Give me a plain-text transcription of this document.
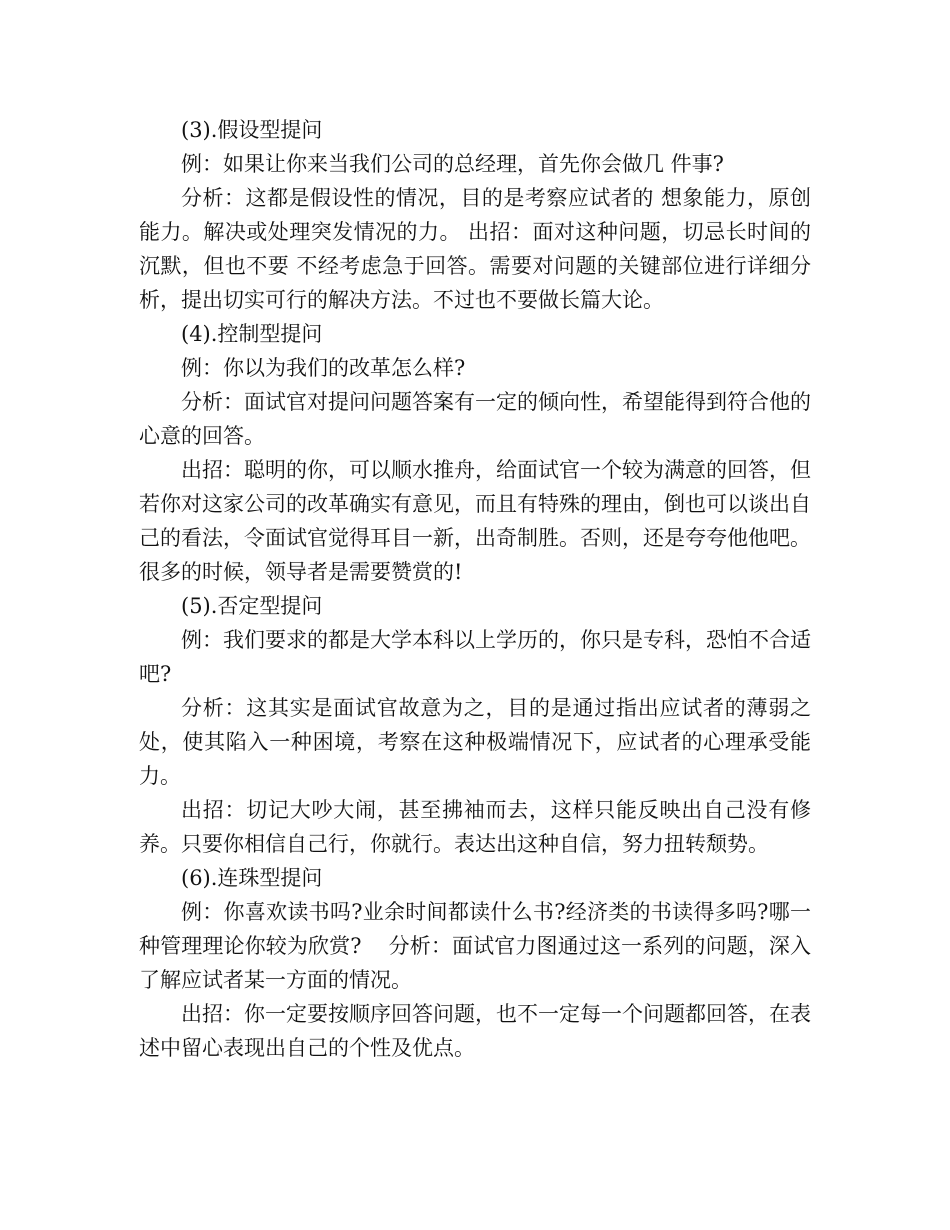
(3).假设型提问

例：如果让你来当我们公司的总经理，首先你会做几 件事?

分析：这都是假设性的情况，目的是考察应试者的 想象能力，原创能力。解决或处理突发情况的力。 出招：面对这种问题，切忌长时间的沉默，但也不要 不经考虑急于回答。需要对问题的关键部位进行详细分析，提出切实可行的解决方法。不过也不要做长篇大论。

(4).控制型提问

例：你以为我们的改革怎么样?

分析：面试官对提问问题答案有一定的倾向性，希望能得到符合他的心意的回答。

出招：聪明的你，可以顺水推舟，给面试官一个较为满意的回答，但若你对这家公司的改革确实有意见，而且有特殊的理由，倒也可以谈出自己的看法，令面试官觉得耳目一新，出奇制胜。否则，还是夸夸他他吧。很多的时候，领导者是需要赞赏的!

(5).否定型提问

例：我们要求的都是大学本科以上学历的，你只是专科，恐怕不合适吧?

分析：这其实是面试官故意为之，目的是通过指出应试者的薄弱之处，使其陷入一种困境，考察在这种极端情况下，应试者的心理承受能力。

出招：切记大吵大闹，甚至拂袖而去，这样只能反映出自己没有修养。只要你相信自己行，你就行。表达出这种自信，努力扭转颓势。

(6).连珠型提问

例：你喜欢读书吗?业余时间都读什么书?经济类的书读得多吗?哪一种管理理论你较为欣赏?    分析：面试官力图通过这一系列的问题，深入了解应试者某一方面的情况。

出招：你一定要按顺序回答问题，也不一定每一个问题都回答，在表述中留心表现出自己的个性及优点。
